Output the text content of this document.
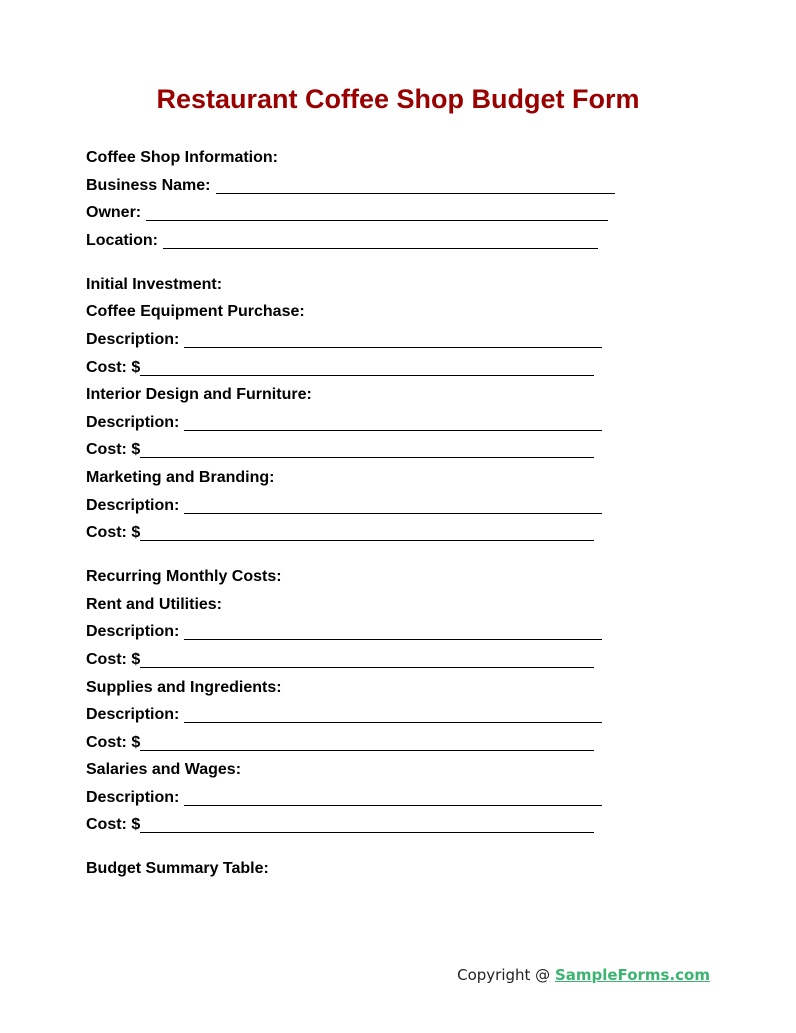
Restaurant Coffee Shop Budget Form
Coffee Shop Information:
Business Name:
Owner:
Location:
Initial Investment:
Coffee Equipment Purchase:
Description:
Cost: $
Interior Design and Furniture:
Description:
Cost: $
Marketing and Branding:
Description:
Cost: $
Recurring Monthly Costs:
Rent and Utilities:
Description:
Cost: $
Supplies and Ingredients:
Description:
Cost: $
Salaries and Wages:
Description:
Cost: $
Budget Summary Table:
Copyright @ SampleForms.com
